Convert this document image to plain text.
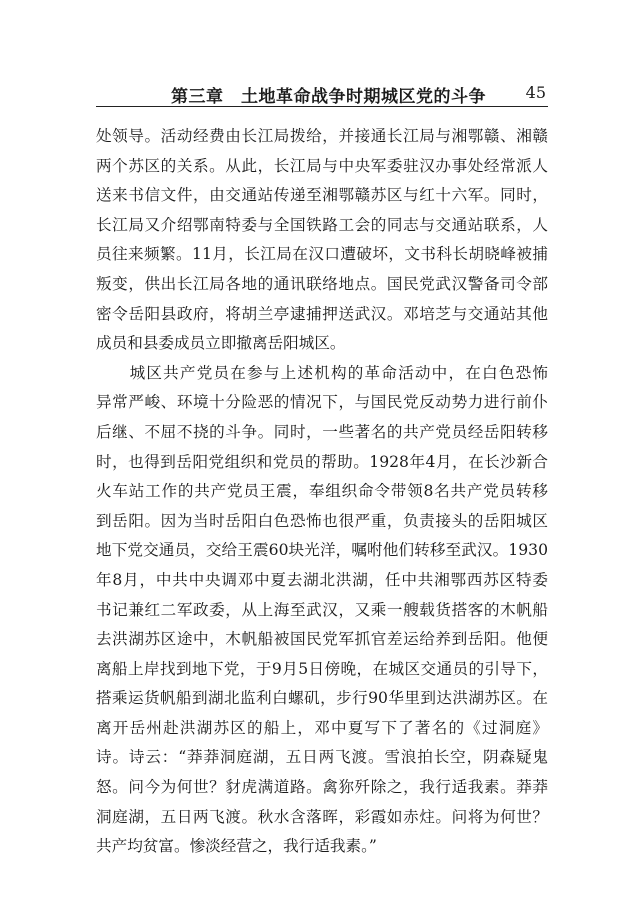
第三章　土地革命战争时期城区党的斗争 45
处领导。活动经费由长江局拨给，并接通长江局与湘鄂赣、湘赣
两个苏区的关系。从此，长江局与中央军委驻汉办事处经常派人
送来书信文件，由交通站传递至湘鄂赣苏区与红十六军。同时，
长江局又介绍鄂南特委与全国铁路工会的同志与交通站联系，人
员往来频繁。11月，长江局在汉口遭破坏，文书科长胡晓峰被捕
叛变，供出长江局各地的通讯联络地点。国民党武汉警备司令部
密令岳阳县政府，将胡兰亭逮捕押送武汉。邓培芝与交通站其他
成员和县委成员立即撤离岳阳城区。
　　城区共产党员在参与上述机构的革命活动中，在白色恐怖
异常严峻、环境十分险恶的情况下，与国民党反动势力进行前仆
后继、不屈不挠的斗争。同时，一些著名的共产党员经岳阳转移
时，也得到岳阳党组织和党员的帮助。1928年4月，在长沙新合
火车站工作的共产党员王震，奉组织命令带领8名共产党员转移
到岳阳。因为当时岳阳白色恐怖也很严重，负责接头的岳阳城区
地下党交通员，交给王震60块光洋，嘱咐他们转移至武汉。1930
年8月，中共中央调邓中夏去湖北洪湖，任中共湘鄂西苏区特委
书记兼红二军政委，从上海至武汉，又乘一艘载货搭客的木帆船
去洪湖苏区途中，木帆船被国民党军抓官差运给养到岳阳。他便
离船上岸找到地下党，于9月5日傍晚，在城区交通员的引导下，
搭乘运货帆船到湖北监利白螺矶，步行90华里到达洪湖苏区。在
离开岳州赴洪湖苏区的船上，邓中夏写下了著名的《过洞庭》
诗。诗云：“莽莽洞庭湖，五日两飞渡。雪浪拍长空，阴森疑鬼
怒。问今为何世？豺虎满道路。禽狝歼除之，我行适我素。莽莽
洞庭湖，五日两飞渡。秋水含落晖，彩霞如赤炷。问将为何世？
共产均贫富。惨淡经营之，我行适我素。”
